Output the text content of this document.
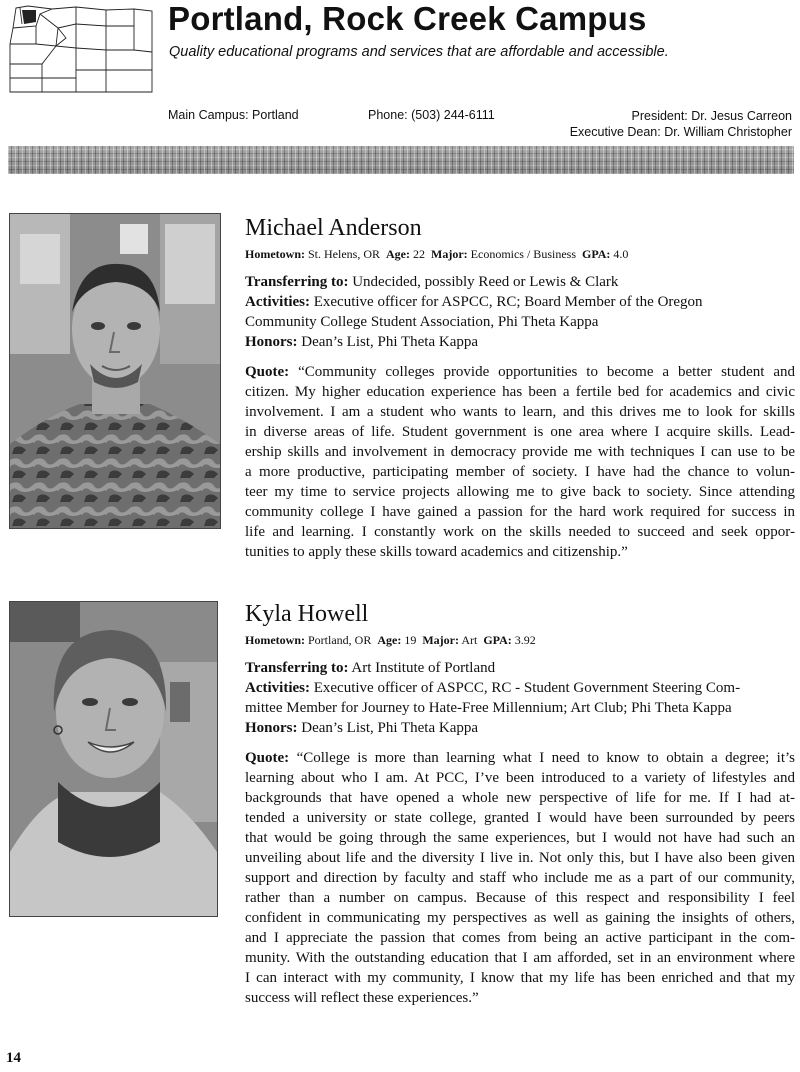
Portland, Rock Creek Campus
Quality educational programs and services that are affordable and accessible.
Main Campus: Portland	Phone: (503) 244-6111	President: Dr. Jesus Carreon
Executive Dean: Dr. William Christopher
Michael Anderson
Hometown: St. Helens, OR Age: 22 Major: Economics / Business GPA: 4.0
Transferring to: Undecided, possibly Reed or Lewis & Clark
Activities: Executive officer for ASPCC, RC; Board Member of the Oregon
Community College Student Association, Phi Theta Kappa
Honors: Dean’s List, Phi Theta Kappa
Quote: “Community colleges provide opportunities to become a better student and
citizen. My higher education experience has been a fertile bed for academics and civic
involvement. I am a student who wants to learn, and this drives me to look for skills
in diverse areas of life. Student government is one area where I acquire skills. Lead-
ership skills and involvement in democracy provide me with techniques I can use to be
a more productive, participating member of society. I have had the chance to volun-
teer my time to service projects allowing me to give back to society. Since attending
community college I have gained a passion for the hard work required for success in
life and learning. I constantly work on the skills needed to succeed and seek oppor-
tunities to apply these skills toward academics and citizenship.”
Kyla Howell
Hometown: Portland, OR Age: 19 Major: Art GPA: 3.92
Transferring to: Art Institute of Portland
Activities: Executive officer of ASPCC, RC - Student Government Steering Com-
mittee Member for Journey to Hate-Free Millennium; Art Club; Phi Theta Kappa
Honors: Dean’s List, Phi Theta Kappa
Quote: “College is more than learning what I need to know to obtain a degree; it’s
learning about who I am. At PCC, I’ve been introduced to a variety of lifestyles and
backgrounds that have opened a whole new perspective of life for me. If I had at-
tended a university or state college, granted I would have been surrounded by peers
that would be going through the same experiences, but I would not have had such an
unveiling about life and the diversity I live in. Not only this, but I have also been given
support and direction by faculty and staff who include me as a part of our community,
rather than a number on campus. Because of this respect and responsibility I feel
confident in communicating my perspectives as well as gaining the insights of others,
and I appreciate the passion that comes from being an active participant in the com-
munity. With the outstanding education that I am afforded, set in an environment where
I can interact with my community, I know that my life has been enriched and that my
success will reflect these experiences.”
14
